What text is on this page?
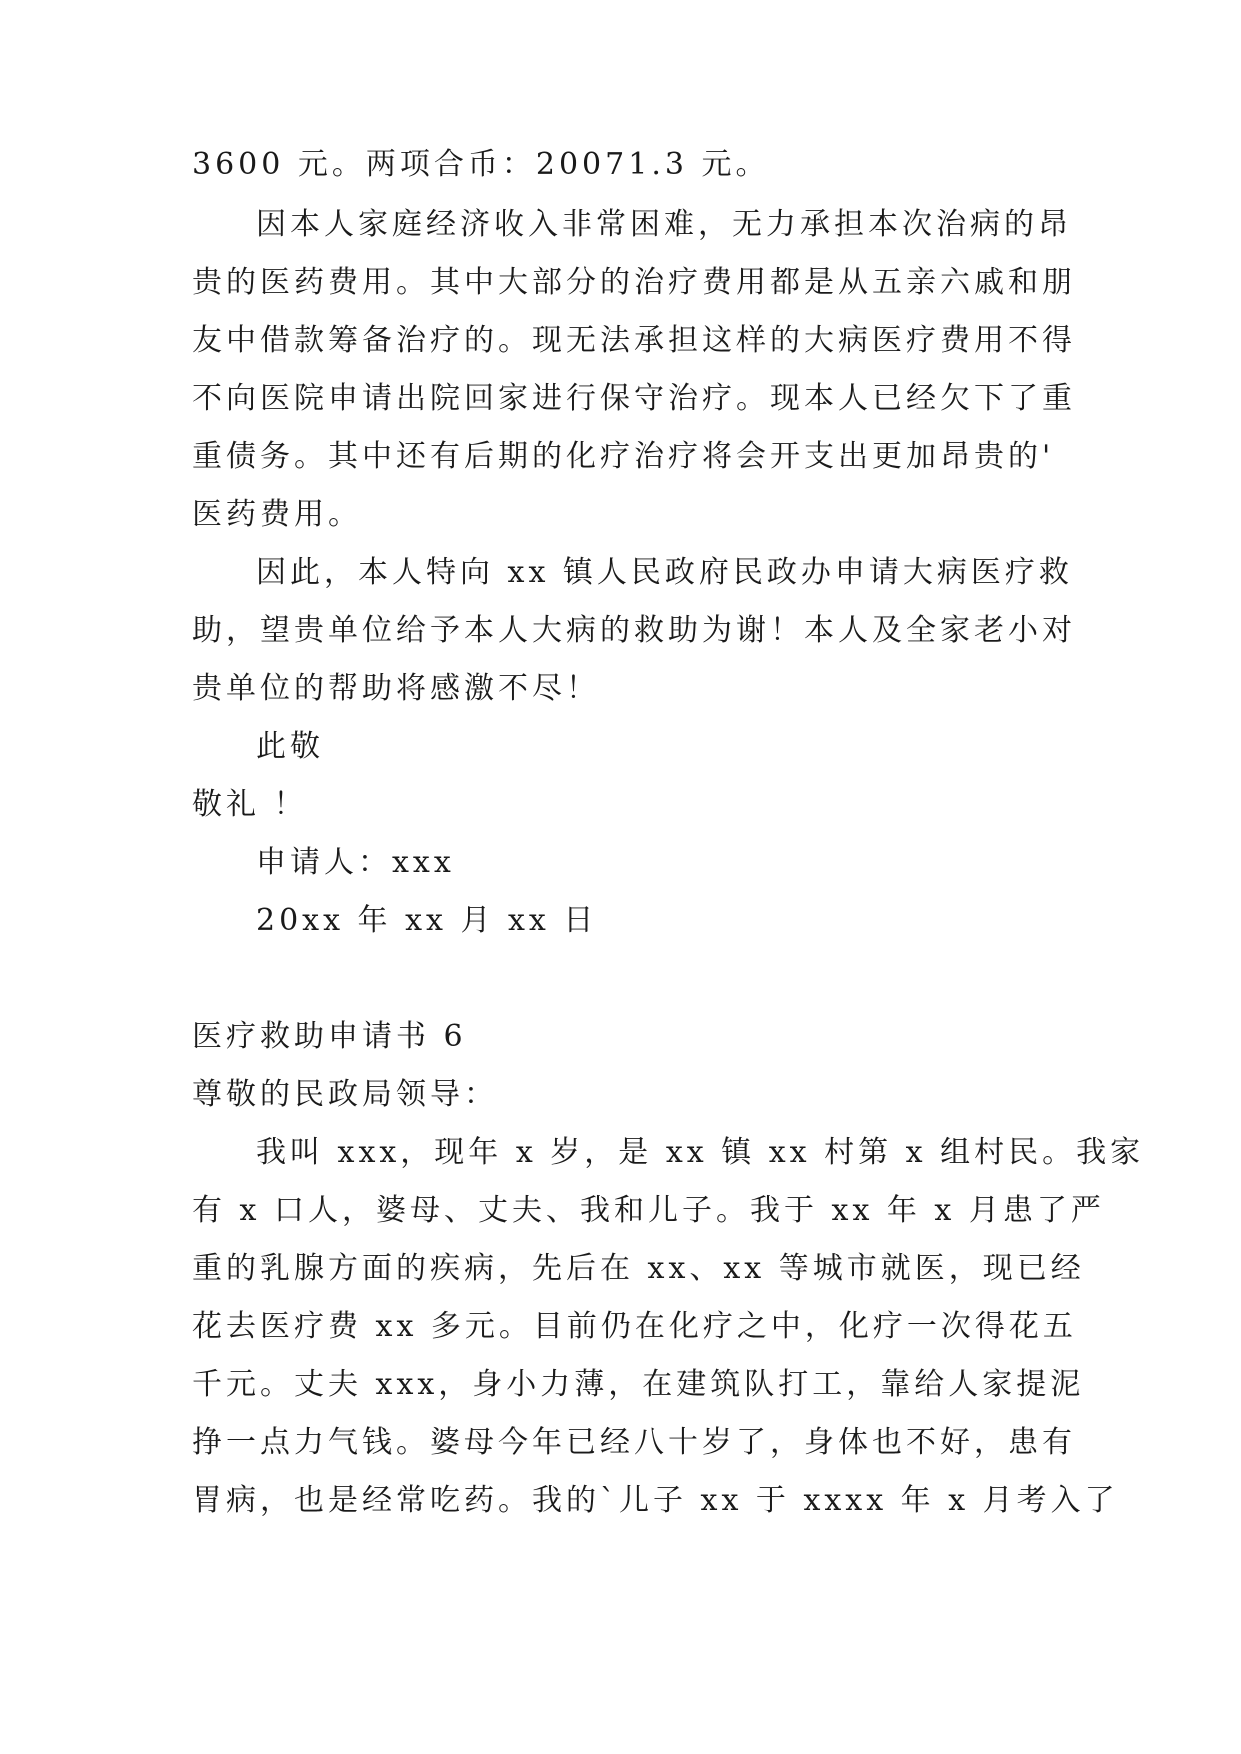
3600 元。两项合币：20071.3 元。
因本人家庭经济收入非常困难，无力承担本次治病的昂
贵的医药费用。其中大部分的治疗费用都是从五亲六戚和朋
友中借款筹备治疗的。现无法承担这样的大病医疗费用不得
不向医院申请出院回家进行保守治疗。现本人已经欠下了重
重债务。其中还有后期的化疗治疗将会开支出更加昂贵的'
医药费用。
因此，本人特向 xx 镇人民政府民政办申请大病医疗救
助，望贵单位给予本人大病的救助为谢！本人及全家老小对
贵单位的帮助将感激不尽！
此敬
敬礼 ！
申请人：xxx
20xx 年 xx 月 xx 日
医疗救助申请书 6
尊敬的民政局领导：
我叫 xxx，现年 x 岁，是 xx 镇 xx 村第 x 组村民。我家
有 x 口人，婆母、丈夫、我和儿子。我于 xx 年 x 月患了严
重的乳腺方面的疾病，先后在 xx、xx 等城市就医，现已经
花去医疗费 xx 多元。目前仍在化疗之中，化疗一次得花五
千元。丈夫 xxx，身小力薄，在建筑队打工，靠给人家提泥
挣一点力气钱。婆母今年已经八十岁了，身体也不好，患有
胃病，也是经常吃药。我的`儿子 xx 于 xxxx 年 x 月考入了
